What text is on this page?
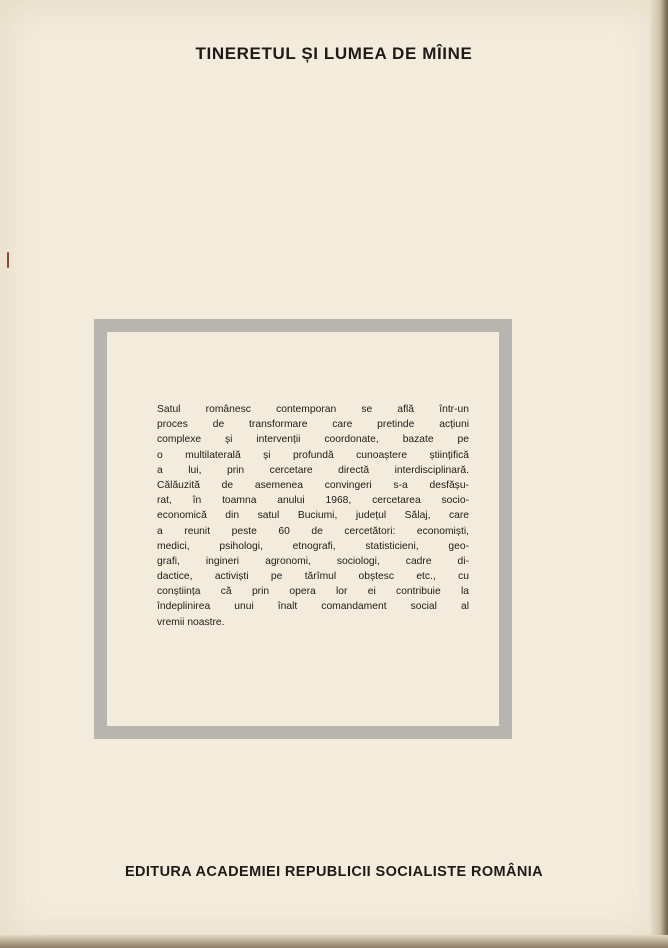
TINERETUL ȘI LUMEA DE MÎINE
Satul românesc contemporan se află într-un
proces de transformare care pretinde acțiuni
complexe și intervenții coordonate, bazate pe
o multilaterală și profundă cunoaștere științifică
a lui, prin cercetare directă interdisciplinară.
Călăuzită de asemenea convingeri s-a desfășu-
rat, în toamna anului 1968, cercetarea socio-
economică din satul Buciumi, județul Sălaj, care
a reunit peste 60 de cercetători: economiști,
medici, psihologi, etnografi, statisticieni, geo-
grafi, ingineri agronomi, sociologi, cadre di-
dactice, activiști pe tărîmul obștesc etc., cu
conștiința că prin opera lor ei contribuie la
îndeplinirea unui înalt comandament social al
vremii noastre.
EDITURA ACADEMIEI REPUBLICII SOCIALISTE ROMÂNIA
